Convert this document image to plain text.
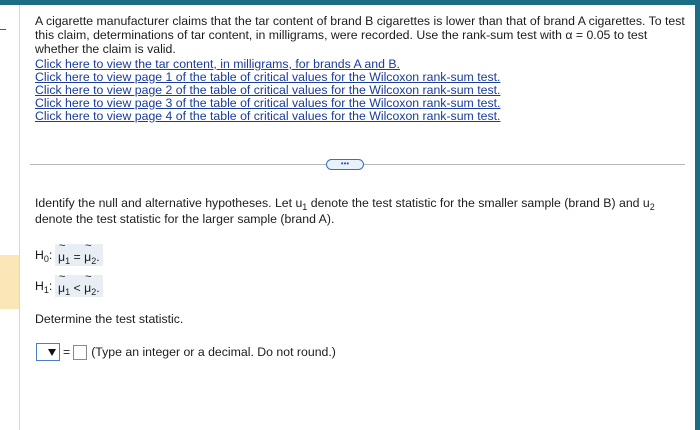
A cigarette manufacturer claims that the tar content of brand B cigarettes is lower than that of brand A cigarettes. To test this claim, determinations of tar content, in milligrams, were recorded. Use the rank-sum test with α = 0.05 to test whether the claim is valid.

Click here to view the tar content, in milligrams, for brands A and B.
Click here to view page 1 of the table of critical values for the Wilcoxon rank-sum test.
Click here to view page 2 of the table of critical values for the Wilcoxon rank-sum test.
Click here to view page 3 of the table of critical values for the Wilcoxon rank-sum test.
Click here to view page 4 of the table of critical values for the Wilcoxon rank-sum test.
•••

Identify the null and alternative hypotheses. Let $u_1$ denote the test statistic for the smaller sample (brand B) and $u_2$ denote the test statistic for the larger sample (brand A).

$H_0$: ~ $\mu_1$ = ~ $\mu_2$.
$H_1$: ~ $\mu_1$ < ~ $\mu_2$.

Determine the test statistic.

= (Type an integer or a decimal. Do not round.)
